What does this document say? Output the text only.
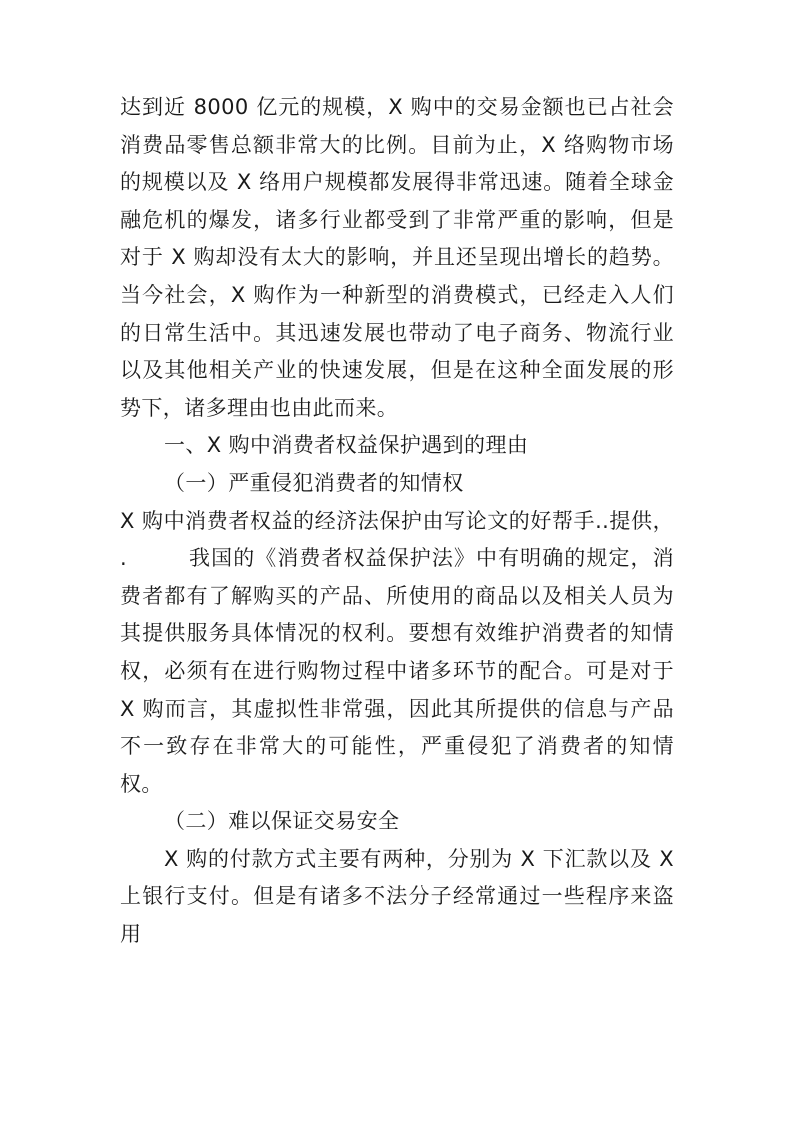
达到近 8000 亿元的规模，X 购中的交易金额也已占社会消费品零售总额非常大的比例。目前为止，X 络购物市场的规模以及 X 络用户规模都发展得非常迅速。随着全球金融危机的爆发，诸多行业都受到了非常严重的影响，但是对于 X 购却没有太大的影响，并且还呈现出增长的趋势。当今社会，X 购作为一种新型的消费模式，已经走入人们的日常生活中。其迅速发展也带动了电子商务、物流行业以及其他相关产业的快速发展，但是在这种全面发展的形势下，诸多理由也由此而来。

一、X 购中消费者权益保护遇到的理由

（一）严重侵犯消费者的知情权

X 购中消费者权益的经济法保护由写论文的好帮手..提供，        .        我国的《消费者权益保护法》中有明确的规定，消费者都有了解购买的产品、所使用的商品以及相关人员为其提供服务具体情况的权利。要想有效维护消费者的知情权，必须有在进行购物过程中诸多环节的配合。可是对于 X 购而言，其虚拟性非常强，因此其所提供的信息与产品不一致存在非常大的可能性，严重侵犯了消费者的知情权。

（二）难以保证交易安全

X 购的付款方式主要有两种，分别为 X 下汇款以及 X 上银行支付。但是有诸多不法分子经常通过一些程序来盗用
